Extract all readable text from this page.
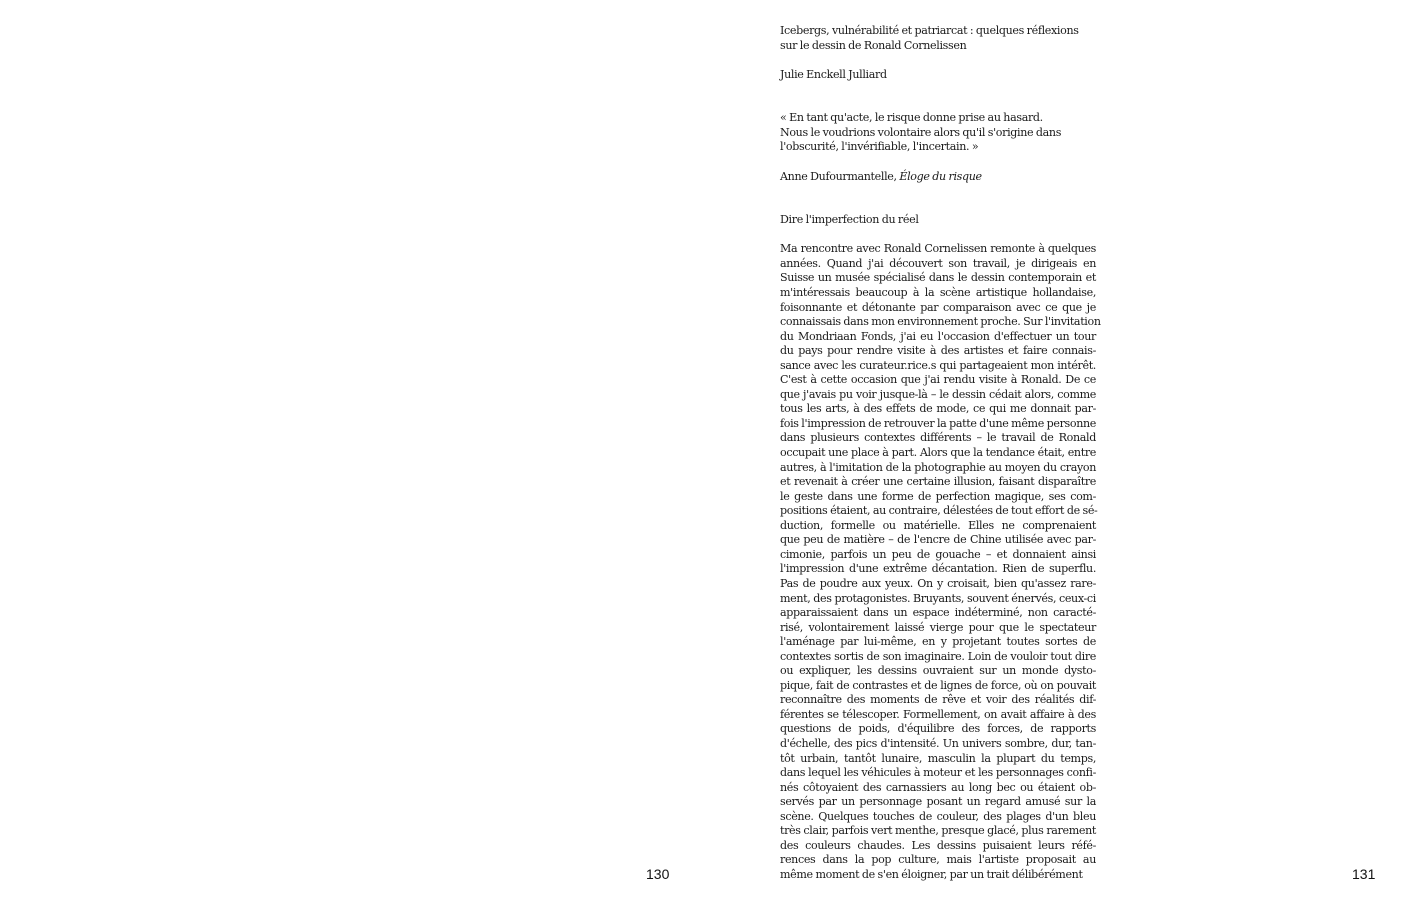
130

Icebergs, vulnérabilité et patriarcat : quelques réflexions
sur le dessin de Ronald Cornelissen

Julie Enckell Julliard

« En tant qu'acte, le risque donne prise au hasard.
Nous le voudrions volontaire alors qu'il s'origine dans
l'obscurité, l'invérifiable, l'incertain. »

Anne Dufourmantelle, Éloge du risque

Dire l'imperfection du réel

Ma rencontre avec Ronald Cornelissen remonte à quelques
années. Quand j'ai découvert son travail, je dirigeais en
Suisse un musée spécialisé dans le dessin contemporain et
m'intéressais beaucoup à la scène artistique hollandaise,
foisonnante et détonante par comparaison avec ce que je
connaissais dans mon environnement proche. Sur l'invitation
du Mondriaan Fonds, j'ai eu l'occasion d'effectuer un tour
du pays pour rendre visite à des artistes et faire connais-
sance avec les curateur.rice.s qui partageaient mon intérêt.
C'est à cette occasion que j'ai rendu visite à Ronald. De ce
que j'avais pu voir jusque-là – le dessin cédait alors, comme
tous les arts, à des effets de mode, ce qui me donnait par-
fois l'impression de retrouver la patte d'une même personne
dans plusieurs contextes différents – le travail de Ronald
occupait une place à part. Alors que la tendance était, entre
autres, à l'imitation de la photographie au moyen du crayon
et revenait à créer une certaine illusion, faisant disparaître
le geste dans une forme de perfection magique, ses com-
positions étaient, au contraire, délestées de tout effort de sé-
duction, formelle ou matérielle. Elles ne comprenaient
que peu de matière – de l'encre de Chine utilisée avec par-
cimonie, parfois un peu de gouache – et donnaient ainsi
l'impression d'une extrême décantation. Rien de superflu.
Pas de poudre aux yeux. On y croisait, bien qu'assez rare-
ment, des protagonistes. Bruyants, souvent énervés, ceux-ci
apparaissaient dans un espace indéterminé, non caracté-
risé, volontairement laissé vierge pour que le spectateur
l'aménage par lui-même, en y projetant toutes sortes de
contextes sortis de son imaginaire. Loin de vouloir tout dire
ou expliquer, les dessins ouvraient sur un monde dysto-
pique, fait de contrastes et de lignes de force, où on pouvait
reconnaître des moments de rêve et voir des réalités dif-
férentes se télescoper. Formellement, on avait affaire à des
questions de poids, d'équilibre des forces, de rapports
d'échelle, des pics d'intensité. Un univers sombre, dur, tan-
tôt urbain, tantôt lunaire, masculin la plupart du temps,
dans lequel les véhicules à moteur et les personnages confi-
nés côtoyaient des carnassiers au long bec ou étaient ob-
servés par un personnage posant un regard amusé sur la
scène. Quelques touches de couleur, des plages d'un bleu
très clair, parfois vert menthe, presque glacé, plus rarement
des couleurs chaudes. Les dessins puisaient leurs réfé-
rences dans la pop culture, mais l'artiste proposait au
même moment de s'en éloigner, par un trait délibérément	131
